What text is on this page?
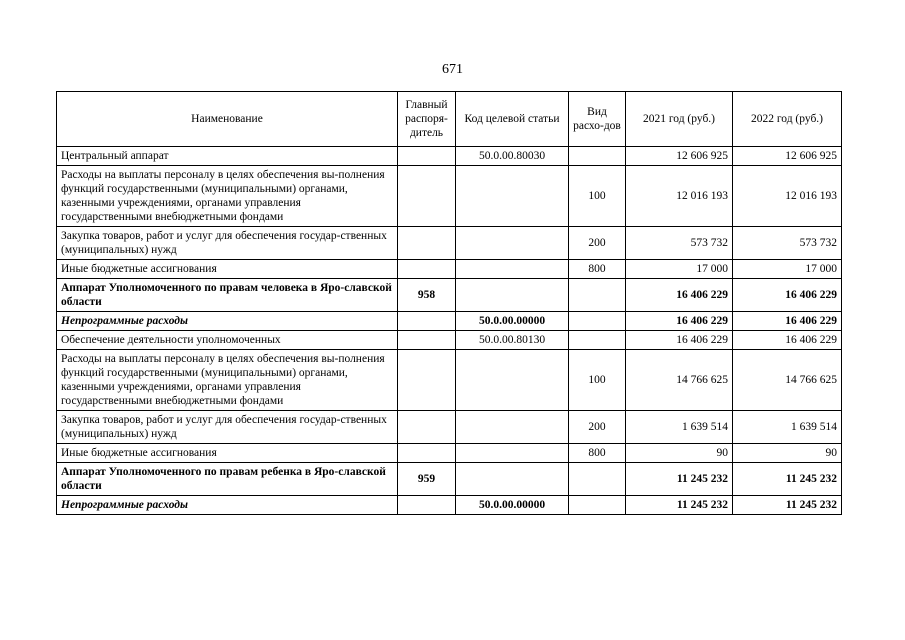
671
Наименование	Главный распоря-дитель	Код целевой статьи	Вид расхо-дов	2021 год (руб.)	2022 год (руб.)
Центральный аппарат		50.0.00.80030		12 606 925	12 606 925
Расходы на выплаты персоналу в целях обеспечения вы-полнения функций государственными (муниципальными) органами, казенными учреждениями, органами управления государственными внебюджетными фондами			100	12 016 193	12 016 193
Закупка товаров, работ и услуг для обеспечения государ-ственных (муниципальных) нужд			200	573 732	573 732
Иные бюджетные ассигнования			800	17 000	17 000
Аппарат Уполномоченного по правам человека в Яро-славской области	958			16 406 229	16 406 229
Непрограммные расходы		50.0.00.00000		16 406 229	16 406 229
Обеспечение деятельности уполномоченных		50.0.00.80130		16 406 229	16 406 229
Расходы на выплаты персоналу в целях обеспечения вы-полнения функций государственными (муниципальными) органами, казенными учреждениями, органами управления государственными внебюджетными фондами			100	14 766 625	14 766 625
Закупка товаров, работ и услуг для обеспечения государ-ственных (муниципальных) нужд			200	1 639 514	1 639 514
Иные бюджетные ассигнования			800	90	90
Аппарат Уполномоченного по правам ребенка в Яро-славской области	959			11 245 232	11 245 232
Непрограммные расходы		50.0.00.00000		11 245 232	11 245 232
